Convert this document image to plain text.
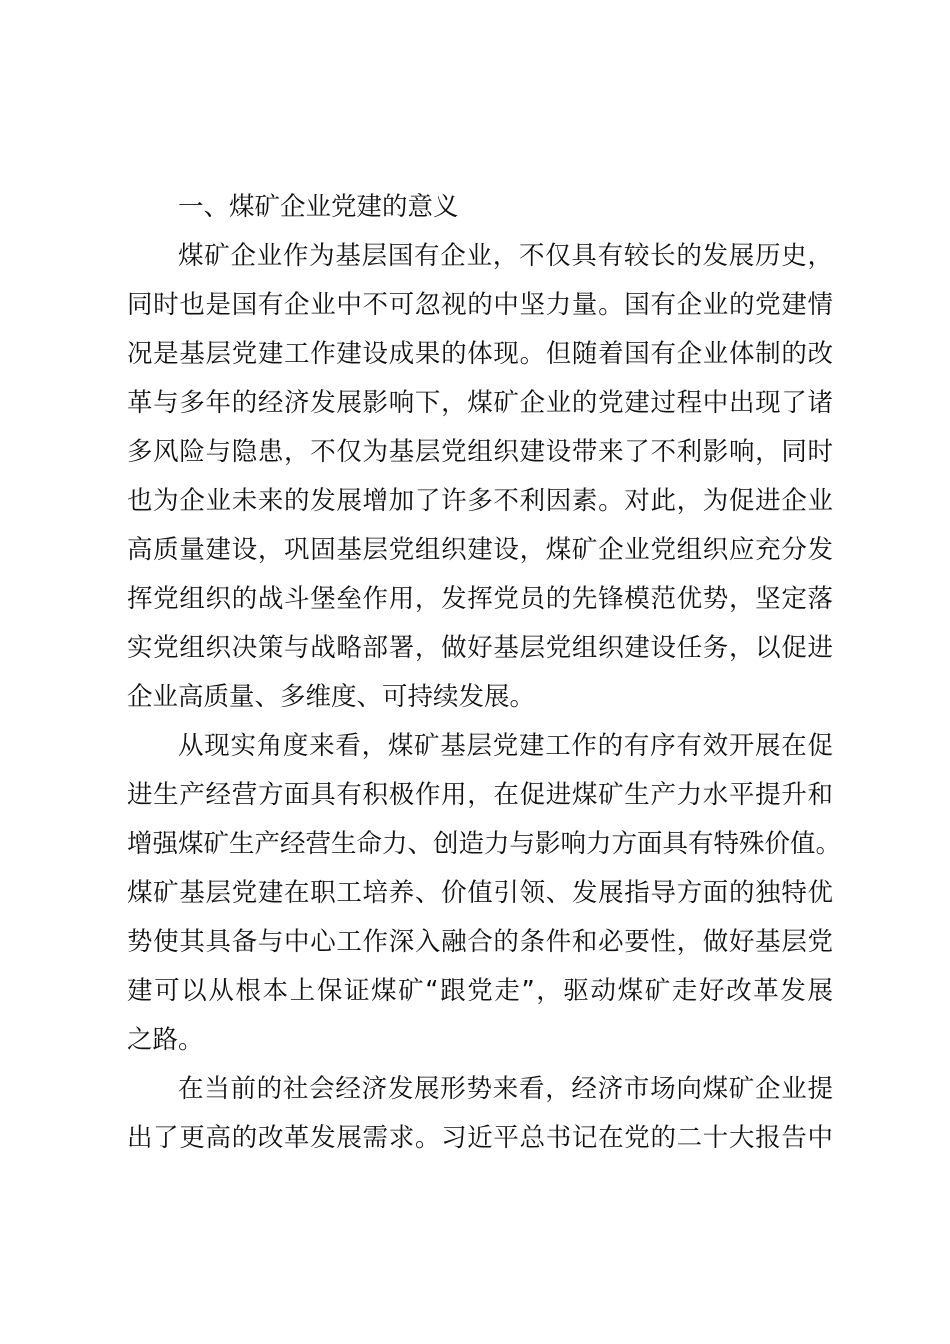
一、煤矿企业党建的意义
煤矿企业作为基层国有企业，不仅具有较长的发展历史，
同时也是国有企业中不可忽视的中坚力量。国有企业的党建情
况是基层党建工作建设成果的体现。但随着国有企业体制的改
革与多年的经济发展影响下，煤矿企业的党建过程中出现了诸
多风险与隐患，不仅为基层党组织建设带来了不利影响，同时
也为企业未来的发展增加了许多不利因素。对此，为促进企业
高质量建设，巩固基层党组织建设，煤矿企业党组织应充分发
挥党组织的战斗堡垒作用，发挥党员的先锋模范优势，坚定落
实党组织决策与战略部署，做好基层党组织建设任务，以促进
企业高质量、多维度、可持续发展。
从现实角度来看，煤矿基层党建工作的有序有效开展在促
进生产经营方面具有积极作用，在促进煤矿生产力水平提升和
增强煤矿生产经营生命力、创造力与影响力方面具有特殊价值。
煤矿基层党建在职工培养、价值引领、发展指导方面的独特优
势使其具备与中心工作深入融合的条件和必要性，做好基层党
建可以从根本上保证煤矿“跟党走”，驱动煤矿走好改革发展
之路。
在当前的社会经济发展形势来看，经济市场向煤矿企业提
出了更高的改革发展需求。习近平总书记在党的二十大报告中
